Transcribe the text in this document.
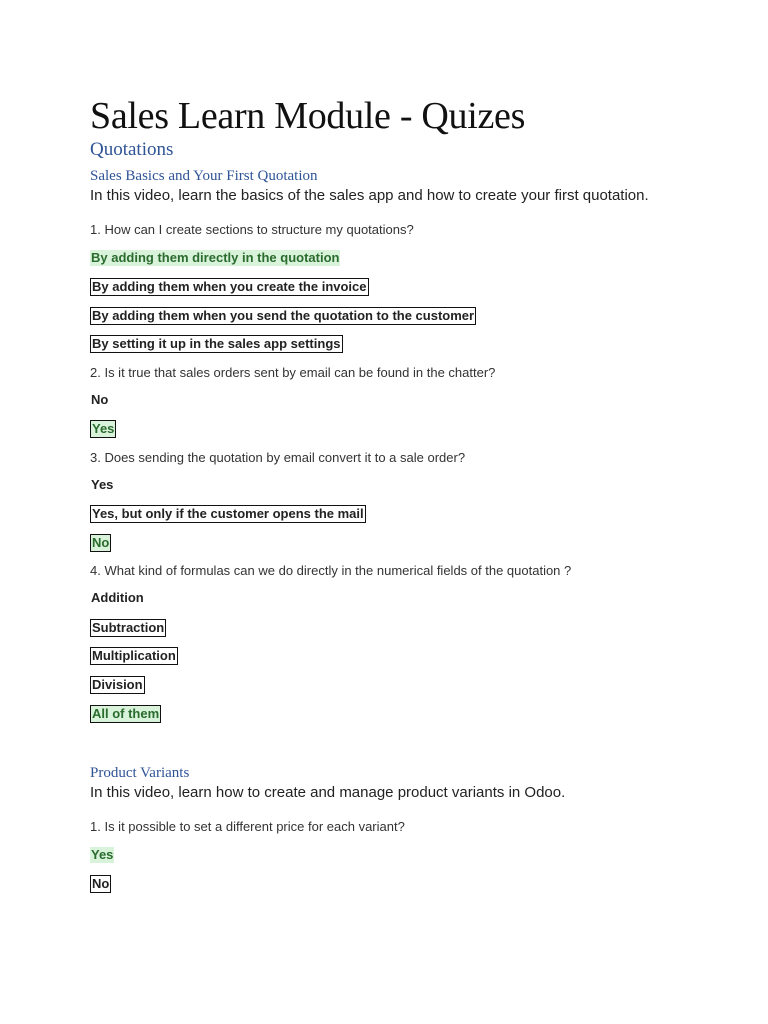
Sales Learn Module - Quizes
Quotations
Sales Basics and Your First Quotation
In this video, learn the basics of the sales app and how to create your first quotation.
1. How can I create sections to structure my quotations?
By adding them directly in the quotation
By adding them when you create the invoice
By adding them when you send the quotation to the customer
By setting it up in the sales app settings
2. Is it true that sales orders sent by email can be found in the chatter?
No
Yes
3. Does sending the quotation by email convert it to a sale order?
Yes
Yes, but only if the customer opens the mail
No
4. What kind of formulas can we do directly in the numerical fields of the quotation ?
Addition
Subtraction
Multiplication
Division
All of them
Product Variants
In this video, learn how to create and manage product variants in Odoo.
1. Is it possible to set a different price for each variant?
Yes
No
